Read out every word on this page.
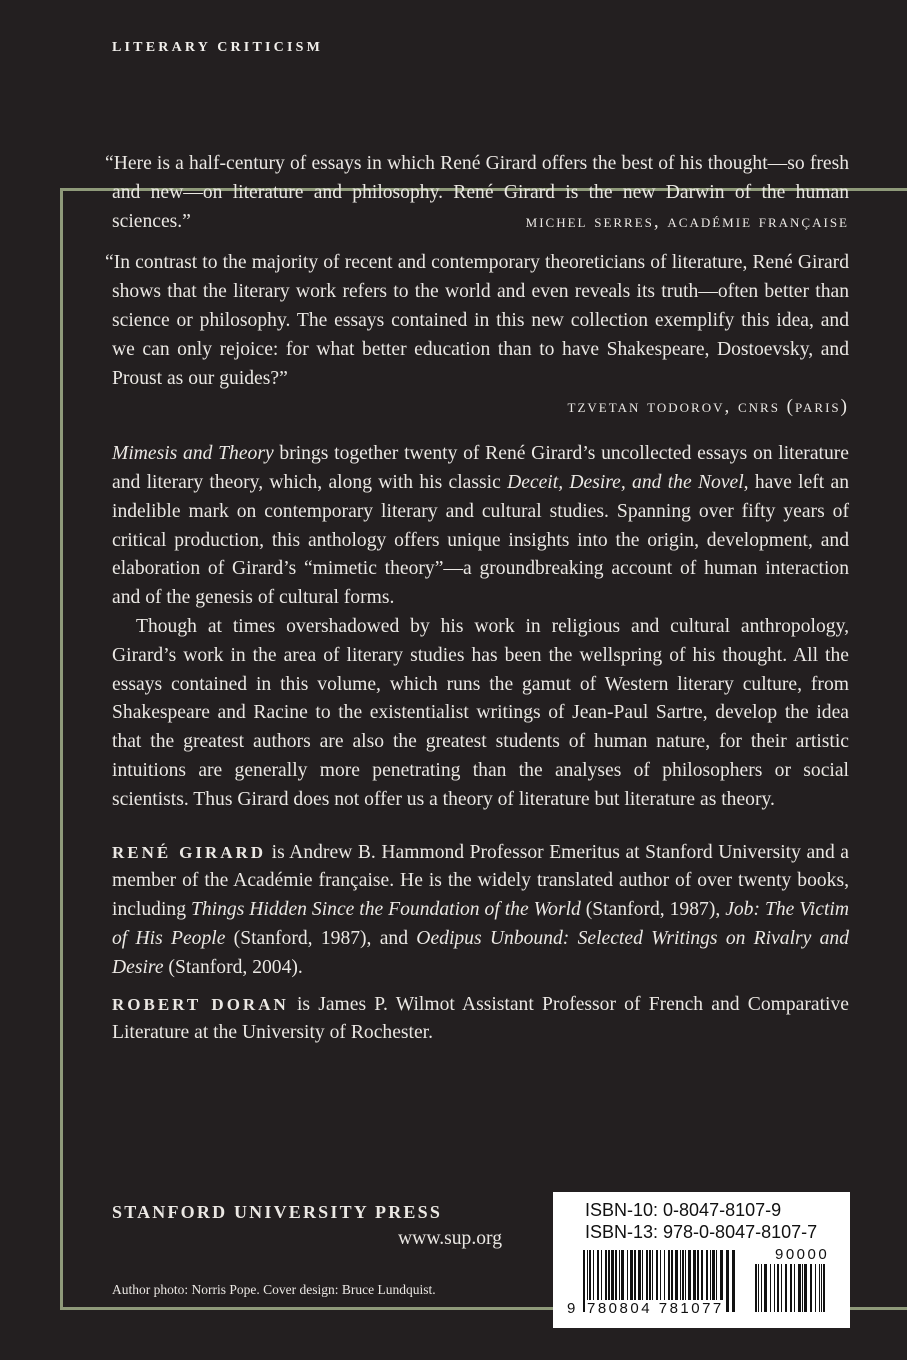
LITERARY CRITICISM

“Here is a half-century of essays in which René Girard offers the best of his thought—so fresh and new—on literature and philosophy. René Girard is the new Darwin of the human sciences.”	michel serres, académie française

“In contrast to the majority of recent and contemporary theoreticians of literature, René Girard shows that the literary work refers to the world and even reveals its truth—often better than science or philosophy. The essays contained in this new collection exemplify this idea, and we can only rejoice: for what better education than to have Shakespeare, Dostoevsky, and Proust as our guides?”

tzvetan todorov, cnrs (paris)

Mimesis and Theory brings together twenty of René Girard’s uncollected essays on literature and literary theory, which, along with his classic Deceit, Desire, and the Novel, have left an indelible mark on contemporary literary and cultural studies. Spanning over fifty years of critical production, this anthology offers unique insights into the origin, development, and elaboration of Girard’s “mimetic theory”—a groundbreaking account of human interaction and of the genesis of cultural forms.

Though at times overshadowed by his work in religious and cultural anthropology, Girard’s work in the area of literary studies has been the wellspring of his thought. All the essays contained in this volume, which runs the gamut of Western literary culture, from Shakespeare and Racine to the existentialist writings of Jean-Paul Sartre, develop the idea that the greatest authors are also the greatest students of human nature, for their artistic intuitions are generally more penetrating than the analyses of philosophers or social scientists. Thus Girard does not offer us a theory of literature but literature as theory.

RENÉ GIRARD is Andrew B. Hammond Professor Emeritus at Stanford University and a member of the Académie française. He is the widely translated author of over twenty books, including Things Hidden Since the Foundation of the World (Stanford, 1987), Job: The Victim of His People (Stanford, 1987), and Oedipus Unbound: Selected Writings on Rivalry and Desire (Stanford, 2004).

ROBERT DORAN is James P. Wilmot Assistant Professor of French and Comparative Literature at the University of Rochester.

STANFORD UNIVERSITY PRESS
www.sup.org
Author photo: Norris Pope. Cover design: Bruce Lundquist.
ISBN-10: 0-8047-8107-9
ISBN-13: 978-0-8047-8107-7
9 780804 781077
90000
